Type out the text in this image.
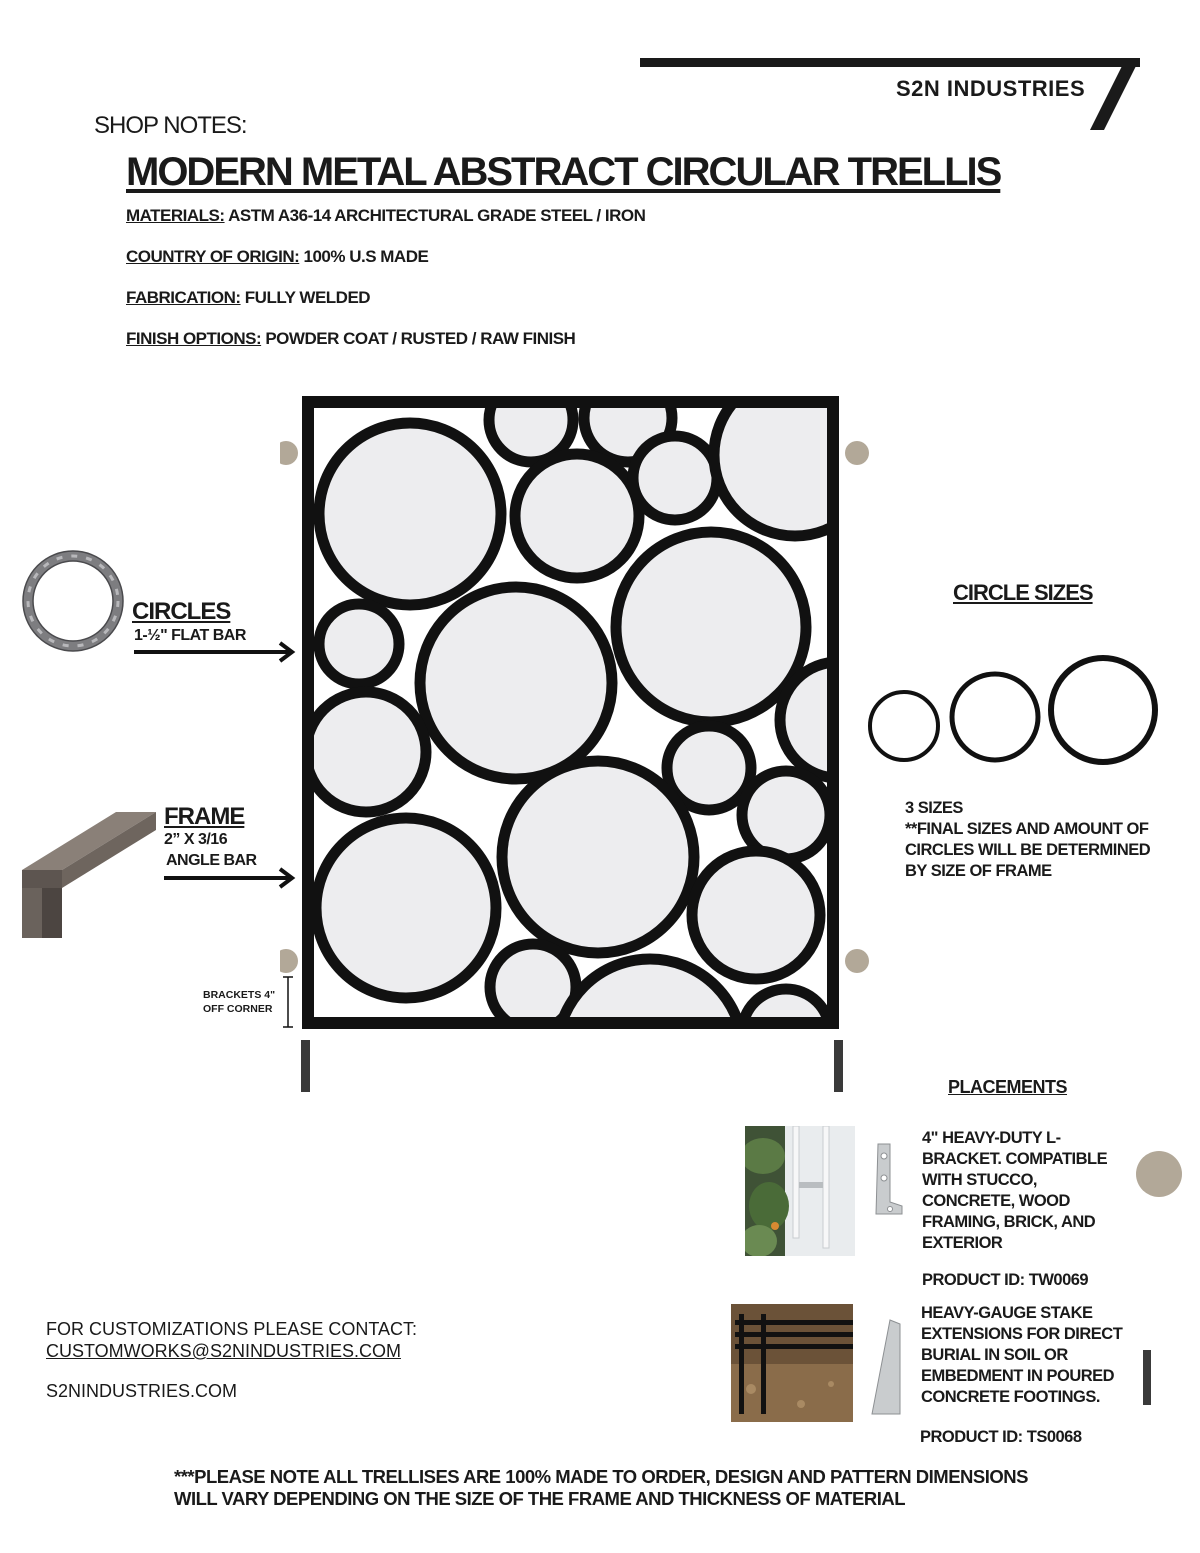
S2N INDUSTRIES
SHOP NOTES:
MODERN METAL ABSTRACT CIRCULAR TRELLIS
MATERIALS: ASTM A36-14 ARCHITECTURAL GRADE STEEL / IRON
COUNTRY OF ORIGIN: 100% U.S MADE
FABRICATION: FULLY WELDED
FINISH OPTIONS: POWDER COAT / RUSTED / RAW FINISH
CIRCLES
1-½" FLAT BAR
FRAME
2” X 3/16
ANGLE BAR
BRACKETS 4"
OFF CORNER
CIRCLE SIZES
3 SIZES
**FINAL SIZES AND AMOUNT OF
CIRCLES WILL BE DETERMINED
BY SIZE OF FRAME
PLACEMENTS
4" HEAVY-DUTY L-
BRACKET. COMPATIBLE
WITH STUCCO,
CONCRETE, WOOD
FRAMING, BRICK, AND
EXTERIOR
PRODUCT ID: TW0069
HEAVY-GAUGE STAKE
EXTENSIONS FOR DIRECT
BURIAL IN SOIL OR
EMBEDMENT IN POURED
CONCRETE FOOTINGS.
PRODUCT ID: TS0068
FOR CUSTOMIZATIONS PLEASE CONTACT:
CUSTOMWORKS@S2NINDUSTRIES.COM
S2NINDUSTRIES.COM
***PLEASE NOTE ALL TRELLISES ARE 100% MADE TO ORDER, DESIGN AND PATTERN DIMENSIONS
WILL VARY DEPENDING ON THE SIZE OF THE FRAME AND THICKNESS OF MATERIAL
